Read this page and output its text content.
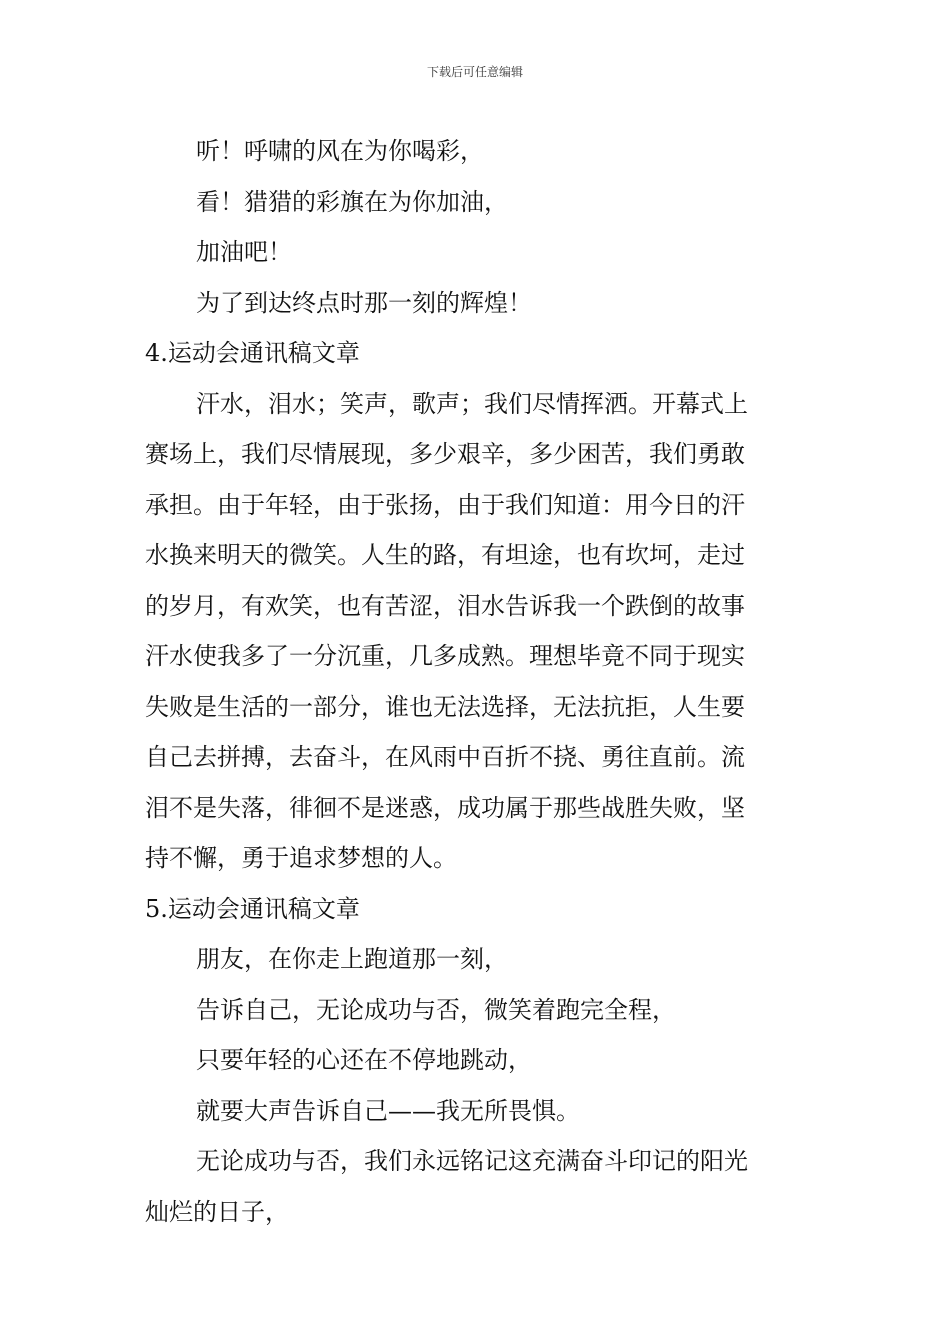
下载后可任意编辑
听！呼啸的风在为你喝彩，
看！猎猎的彩旗在为你加油，
加油吧！
为了到达终点时那一刻的辉煌！
4.运动会通讯稿文章
汗水，泪水；笑声，歌声；我们尽情挥洒。开幕式上
赛场上，我们尽情展现，多少艰辛，多少困苦，我们勇敢
承担。由于年轻，由于张扬，由于我们知道：用今日的汗
水换来明天的微笑。人生的路，有坦途，也有坎坷，走过
的岁月，有欢笑，也有苦涩，泪水告诉我一个跌倒的故事
汗水使我多了一分沉重，几多成熟。理想毕竟不同于现实
失败是生活的一部分，谁也无法选择，无法抗拒，人生要
自己去拼搏，去奋斗，在风雨中百折不挠、勇往直前。流
泪不是失落，徘徊不是迷惑，成功属于那些战胜失败，坚
持不懈，勇于追求梦想的人。
5.运动会通讯稿文章
朋友，在你走上跑道那一刻，
告诉自己，无论成功与否，微笑着跑完全程，
只要年轻的心还在不停地跳动，
就要大声告诉自己——我无所畏惧。
无论成功与否，我们永远铭记这充满奋斗印记的阳光
灿烂的日子，
